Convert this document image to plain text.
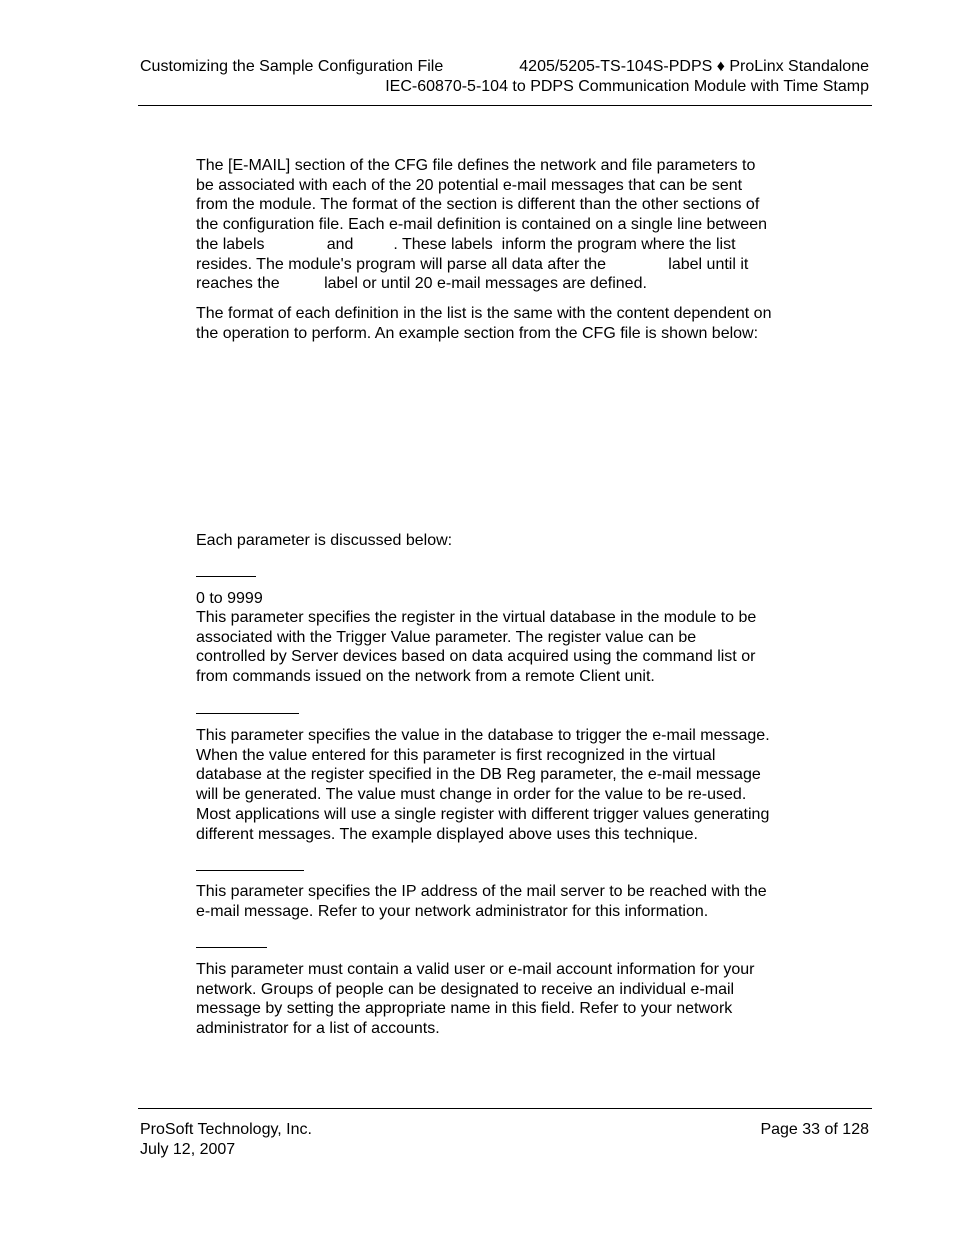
Customizing the Sample Configuration File	4205/5205-TS-104S-PDPS ♦ ProLinx Standalone
IEC-60870-5-104 to PDPS Communication Module with Time Stamp

The [E-MAIL] section of the CFG file defines the network and file parameters to
be associated with each of the 20 potential e-mail messages that can be sent
from the module. The format of the section is different than the other sections of
the configuration file. Each e-mail definition is contained on a single line between
the labels              and         . These labels  inform the program where the list
resides. The module's program will parse all data after the              label until it
reaches the          label or until 20 e-mail messages are defined.

The format of each definition in the list is the same with the content dependent on
the operation to perform. An example section from the CFG file is shown below:

Each parameter is discussed below:

0 to 9999

This parameter specifies the register in the virtual database in the module to be
associated with the Trigger Value parameter. The register value can be
controlled by Server devices based on data acquired using the command list or
from commands issued on the network from a remote Client unit.

This parameter specifies the value in the database to trigger the e-mail message.
When the value entered for this parameter is first recognized in the virtual
database at the register specified in the DB Reg parameter, the e-mail message
will be generated. The value must change in order for the value to be re-used.
Most applications will use a single register with different trigger values generating
different messages. The example displayed above uses this technique.

This parameter specifies the IP address of the mail server to be reached with the
e-mail message. Refer to your network administrator for this information.

This parameter must contain a valid user or e-mail account information for your
network. Groups of people can be designated to receive an individual e-mail
message by setting the appropriate name in this field. Refer to your network
administrator for a list of accounts.

ProSoft Technology, Inc.
July 12, 2007

Page 33 of 128
